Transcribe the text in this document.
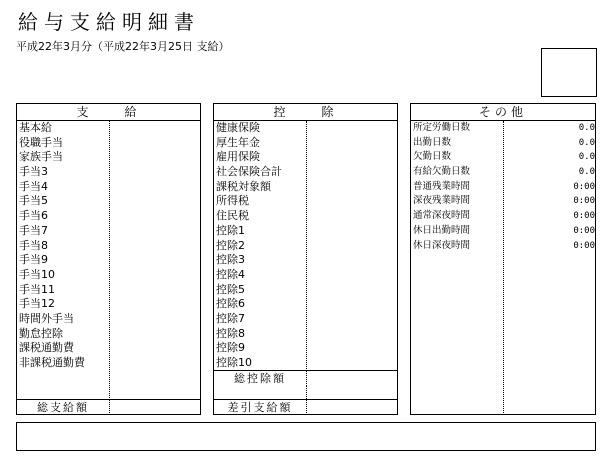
給与支給明細書
平成22年3月分（平成22年3月25日 支給）
支　　給
基本給
役職手当
家族手当
手当3
手当4
手当5
手当6
手当7
手当8
手当9
手当10
手当11
手当12
時間外手当
勤怠控除
課税通勤費
非課税通勤費
総支給額
控　　除
健康保険
厚生年金
雇用保険
社会保険合計
課税対象額
所得税
住民税
控除1
控除2
控除3
控除4
控除5
控除6
控除7
控除8
控除9
控除10
総控除額
差引支給額
その他
所定労働日数	0.0
出勤日数	0.0
欠勤日数	0.0
有給欠勤日数	0.0
普通残業時間	0:00
深夜残業時間	0:00
通常深夜時間	0:00
休日出勤時間	0:00
休日深夜時間	0:00
